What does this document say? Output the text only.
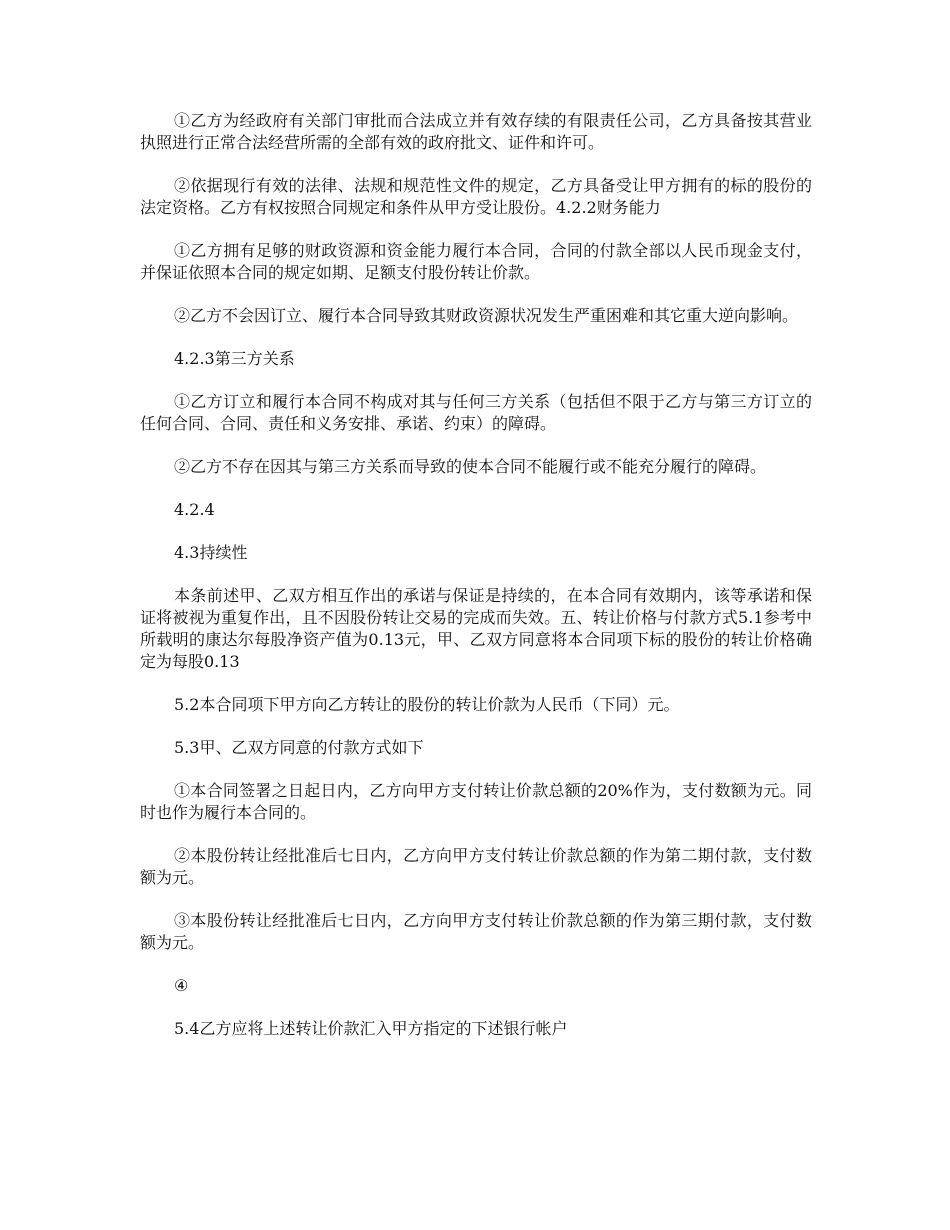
①乙方为经政府有关部门审批而合法成立并有效存续的有限责任公司，乙方具备按其营业执照进行正常合法经营所需的全部有效的政府批文、证件和许可。

②依据现行有效的法律、法规和规范性文件的规定，乙方具备受让甲方拥有的标的股份的法定资格。乙方有权按照合同规定和条件从甲方受让股份。4.2.2财务能力

①乙方拥有足够的财政资源和资金能力履行本合同，合同的付款全部以人民币现金支付，并保证依照本合同的规定如期、足额支付股份转让价款。

②乙方不会因订立、履行本合同导致其财政资源状况发生严重困难和其它重大逆向影响。

4.2.3第三方关系

①乙方订立和履行本合同不构成对其与任何三方关系（包括但不限于乙方与第三方订立的任何合同、合同、责任和义务安排、承诺、约束）的障碍。

②乙方不存在因其与第三方关系而导致的使本合同不能履行或不能充分履行的障碍。

4.2.4

4.3持续性

本条前述甲、乙双方相互作出的承诺与保证是持续的，在本合同有效期内，该等承诺和保证将被视为重复作出，且不因股份转让交易的完成而失效。五、转让价格与付款方式5.1参考中所载明的康达尔每股净资产值为0.13元，甲、乙双方同意将本合同项下标的股份的转让价格确定为每股0.13

5.2本合同项下甲方向乙方转让的股份的转让价款为人民币（下同）元。

5.3甲、乙双方同意的付款方式如下

①本合同签署之日起日内，乙方向甲方支付转让价款总额的20%作为，支付数额为元。同时也作为履行本合同的。

②本股份转让经批准后七日内，乙方向甲方支付转让价款总额的作为第二期付款，支付数额为元。

③本股份转让经批准后七日内，乙方向甲方支付转让价款总额的作为第三期付款，支付数额为元。

④

5.4乙方应将上述转让价款汇入甲方指定的下述银行帐户
